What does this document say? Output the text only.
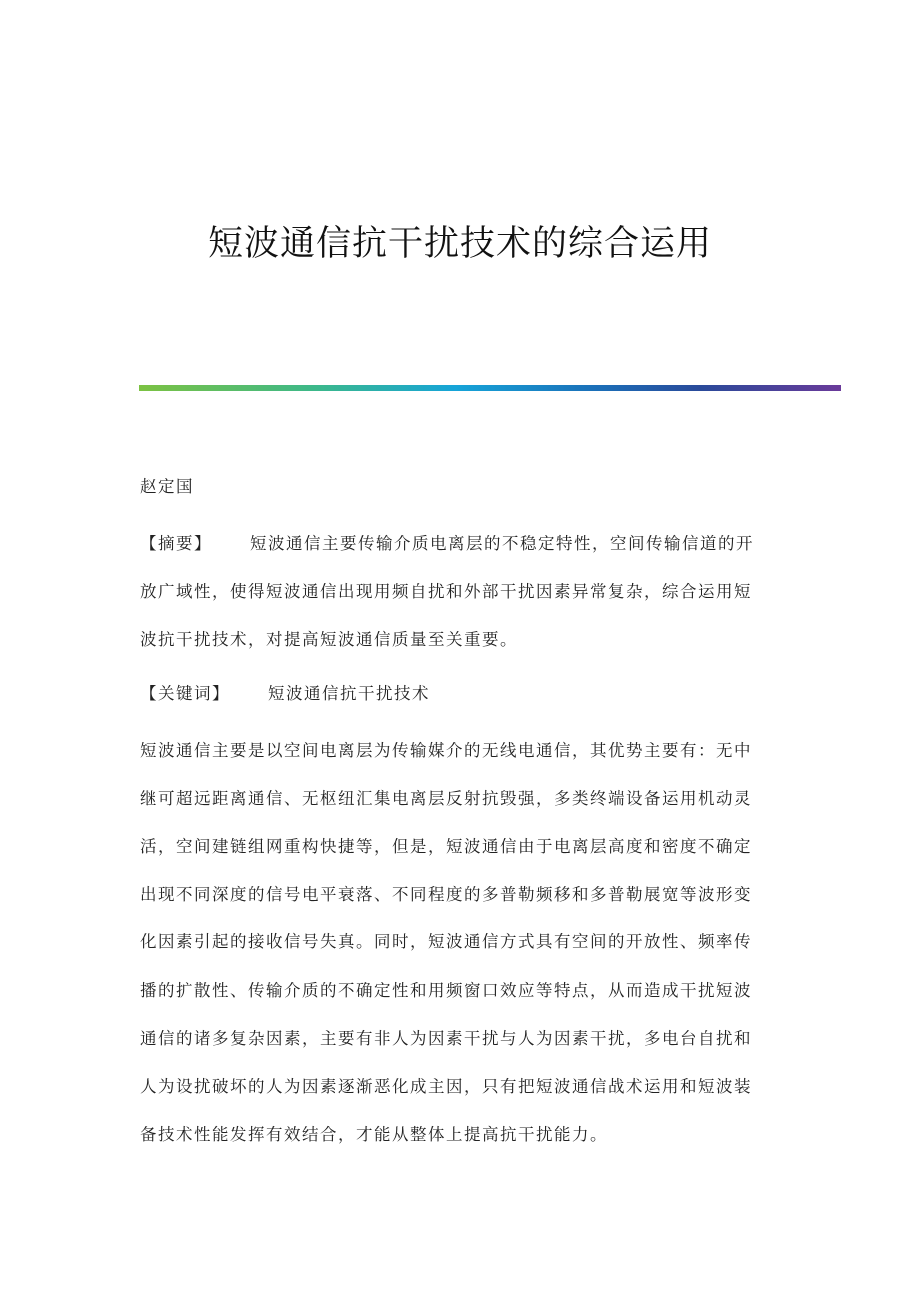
短波通信抗干扰技术的综合运用
赵定国
【摘要】 短波通信主要传输介质电离层的不稳定特性，空间传输信道的开
放广域性，使得短波通信出现用频自扰和外部干扰因素异常复杂，综合运用短
波抗干扰技术，对提高短波通信质量至关重要。
【关键词】 短波通信抗干扰技术
短波通信主要是以空间电离层为传输媒介的无线电通信，其优势主要有：无中
继可超远距离通信、无枢纽汇集电离层反射抗毁强，多类终端设备运用机动灵
活，空间建链组网重构快捷等，但是，短波通信由于电离层高度和密度不确定
出现不同深度的信号电平衰落、不同程度的多普勒频移和多普勒展宽等波形变
化因素引起的接收信号失真。同时，短波通信方式具有空间的开放性、频率传
播的扩散性、传输介质的不确定性和用频窗口效应等特点，从而造成干扰短波
通信的诸多复杂因素，主要有非人为因素干扰与人为因素干扰，多电台自扰和
人为设扰破坏的人为因素逐渐恶化成主因，只有把短波通信战术运用和短波装
备技术性能发挥有效结合，才能从整体上提高抗干扰能力。
